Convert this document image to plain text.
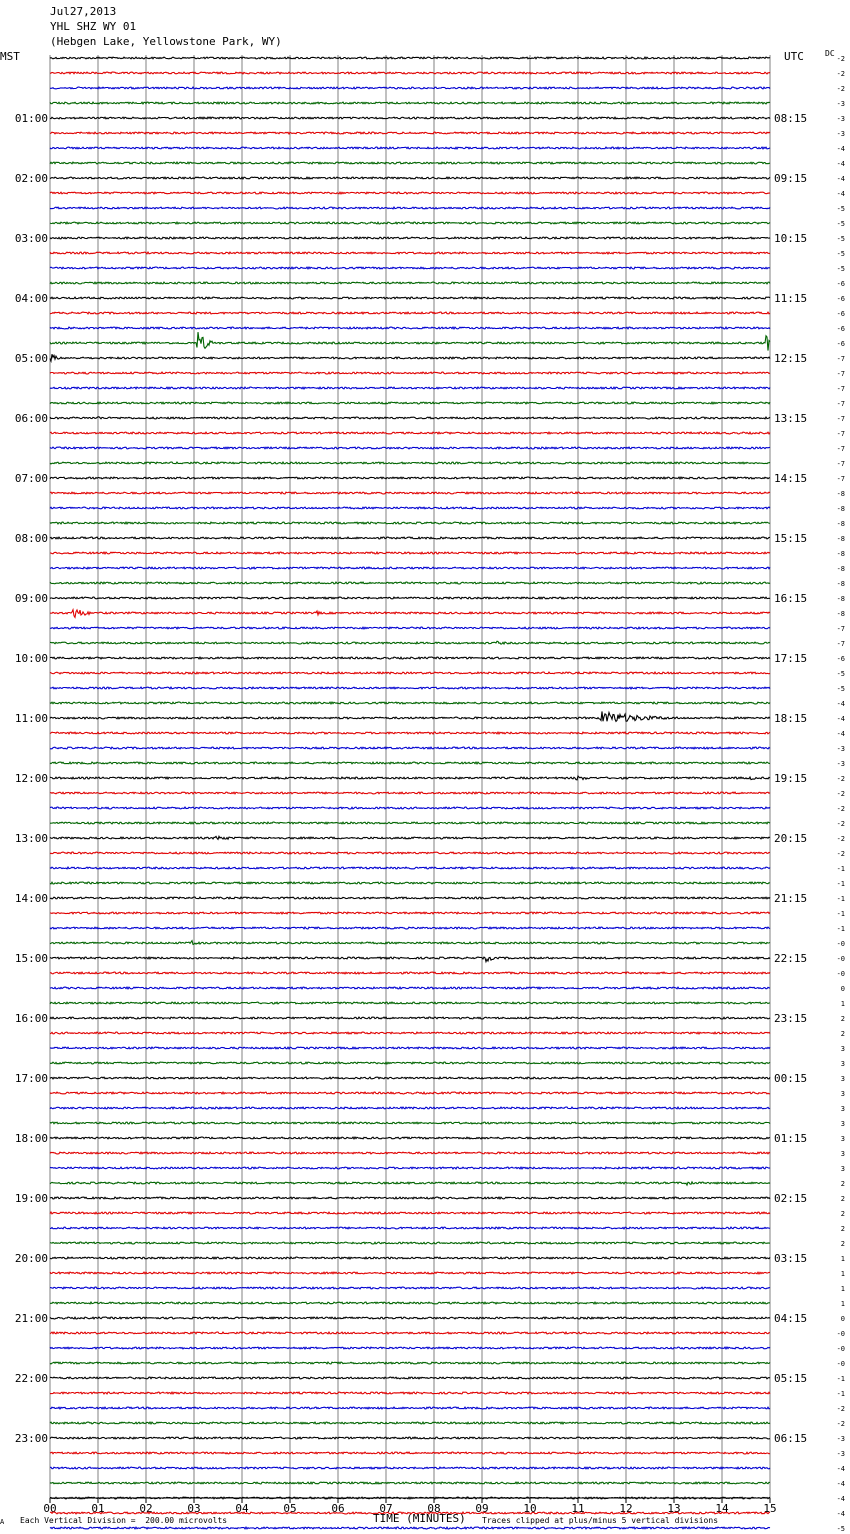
Jul27,2013
YHL SHZ WY 01
(Hebgen Lake, Yellowstone Park, WY)
MST	UTC	DC
00	01	02	03	04	05	06	07	08	09	10	11	12	13	14	15
-2
-2
-2
-3
-3
-3
-4
-4
-4
-4
-5
-5
-5
-5
-5
-6
-6
-6
-6
-6
-7
-7
-7
-7
-7
-7
-7
-7
-7
-8
-8
-8
-8
-8
-8
-8
-8
-8
-7
-7
-6
-5
-5
-4
-4
-4
-3
-3
-2
-2
-2
-2
-2
-2
-1
-1
-1
-1
-1
-0
-0
-0
0
1
2
2
3
3
3
3
3
3
3
3
3
2
2
2
2
2
1
1
1
1
0
-0
-0
-0
-1
-1
-2
-2
-3
-3
-4
-4
-4
-4
-5
01:00
02:00
03:00
04:00
05:00
06:00
07:00
08:00
09:00
10:00
11:00
12:00
13:00
14:00
15:00
16:00
17:00
18:00
19:00
20:00
21:00
22:00
23:00
08:15
09:15
10:15
11:15
12:15
13:15
14:15
15:15
16:15
17:15
18:15
19:15
20:15
21:15
22:15
23:15
00:15
01:15
02:15
03:15
04:15
05:15
06:15
A Each Vertical Division =  200.00 microvolts	TIME (MINUTES) Traces clipped at plus/minus 5 vertical divisions
